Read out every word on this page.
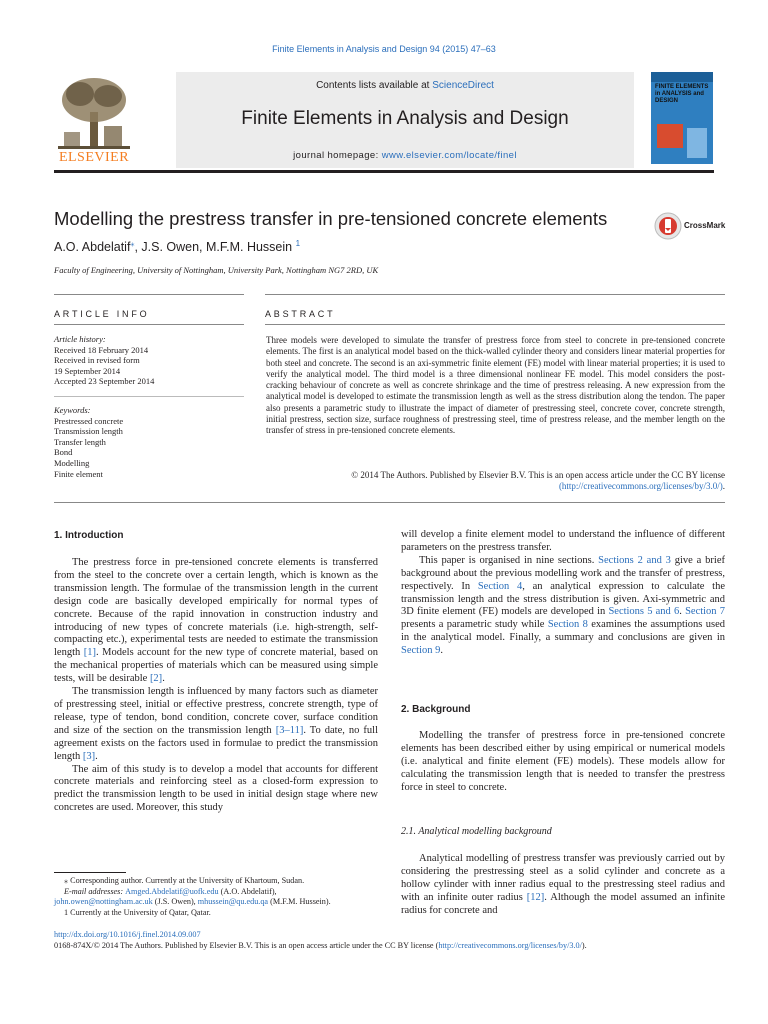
Finite Elements in Analysis and Design 94 (2015) 47–63
ELSEVIER
Contents lists available at ScienceDirect
Finite Elements in Analysis and Design
journal homepage: www.elsevier.com/locate/finel
FINITE ELEMENTS in ANALYSIS and DESIGN
Modelling the prestress transfer in pre-tensioned concrete elements	CrossMark
A.O. Abdelatif⁎, J.S. Owen, M.F.M. Hussein $^1$
Faculty of Engineering, University of Nottingham, University Park, Nottingham NG7 2RD, UK
ARTICLE INFO	ABSTRACT
Article history:
Received 18 February 2014
Received in revised form
19 September 2014
Accepted 23 September 2014
Keywords:
Prestressed concrete
Transmission length
Transfer length
Bond
Modelling
Finite element
Three models were developed to simulate the transfer of prestress force from steel to concrete in pre-tensioned concrete elements. The first is an analytical model based on the thick-walled cylinder theory and considers linear material properties for both steel and concrete. The second is an axi-symmetric finite element (FE) model with linear material properties; it is used to verify the analytical model. The third model is a three dimensional nonlinear FE model. This model considers the post-cracking behaviour of concrete as well as concrete shrinkage and the time of prestress releasing. A new expression from the analytical model is developed to estimate the transmission length as well as the stress distribution along the tendon. The paper also presents a parametric study to illustrate the impact of diameter of prestressing steel, concrete cover, concrete strength, initial prestress, section size, surface roughness of prestressing steel, time of prestress release, and the member length on the transfer of stress in pre-tensioned concrete elements.
© 2014 The Authors. Published by Elsevier B.V. This is an open access article under the CC BY license
(http://creativecommons.org/licenses/by/3.0/).
1. Introduction

The prestress force in pre-tensioned concrete elements is transferred from the steel to the concrete over a certain length, which is known as the transmission length. The formulae of the transmission length in the current design code are basically developed empirically for normal types of concrete. Because of the rapid innovation in construction industry and introducing of new types of concrete materials (i.e. high-strength, self-compacting etc.), experimental tests are needed to estimate the transmission length [1]. Models account for the new type of concrete material, based on the mechanical properties of materials which can be measured using simple tests, will be desirable [2].

The transmission length is influenced by many factors such as diameter of prestressing steel, initial or effective prestress, concrete strength, type of release, type of tendon, bond condition, concrete cover, surface condition and size of the section on the transmission length [3–11]. To date, no full agreement exists on the factors used in formulae to predict the transmission length [3].

The aim of this study is to develop a model that accounts for different concrete materials and reinforcing steel as a closed-form expression to predict the transmission length to be used in initial design stage where new concretes are used. Moreover, this study

will develop a finite element model to understand the influence of different parameters on the prestress transfer.

This paper is organised in nine sections. Sections 2 and 3 give a brief background about the previous modelling work and the transfer of prestress, respectively. In Section 4, an analytical expression to calculate the transmission length and the stress distribution is given. Axi-symmetric and 3D finite element (FE) models are developed in Sections 5 and 6. Section 7 presents a parametric study while Section 8 examines the assumptions used in the analytical model. Finally, a summary and conclusions are given in Section 9.

2. Background

Modelling the transfer of prestress force in pre-tensioned concrete elements has been described either by using empirical or numerical models (i.e. analytical and finite element (FE) models). These models allow for calculating the transmission length that is needed to transfer the prestress force in steel to concrete.

2.1. Analytical modelling background

Analytical modelling of prestress transfer was previously carried out by considering the prestressing steel as a solid cylinder and concrete as a hollow cylinder with inner radius equal to the prestressing steel radius and with an infinite outer radius [12]. Although the model assumed an infinite radius for concrete and

⁎ Corresponding author. Currently at the University of Khartoum, Sudan.
E-mail addresses: Amged.Abdelatif@uofk.edu (A.O. Abdelatif),
john.owen@nottingham.ac.uk (J.S. Owen), mhussein@qu.edu.qa (M.F.M. Hussein).
1 Currently at the University of Qatar, Qatar.
http://dx.doi.org/10.1016/j.finel.2014.09.007
0168-874X/© 2014 The Authors. Published by Elsevier B.V. This is an open access article under the CC BY license (http://creativecommons.org/licenses/by/3.0/).
